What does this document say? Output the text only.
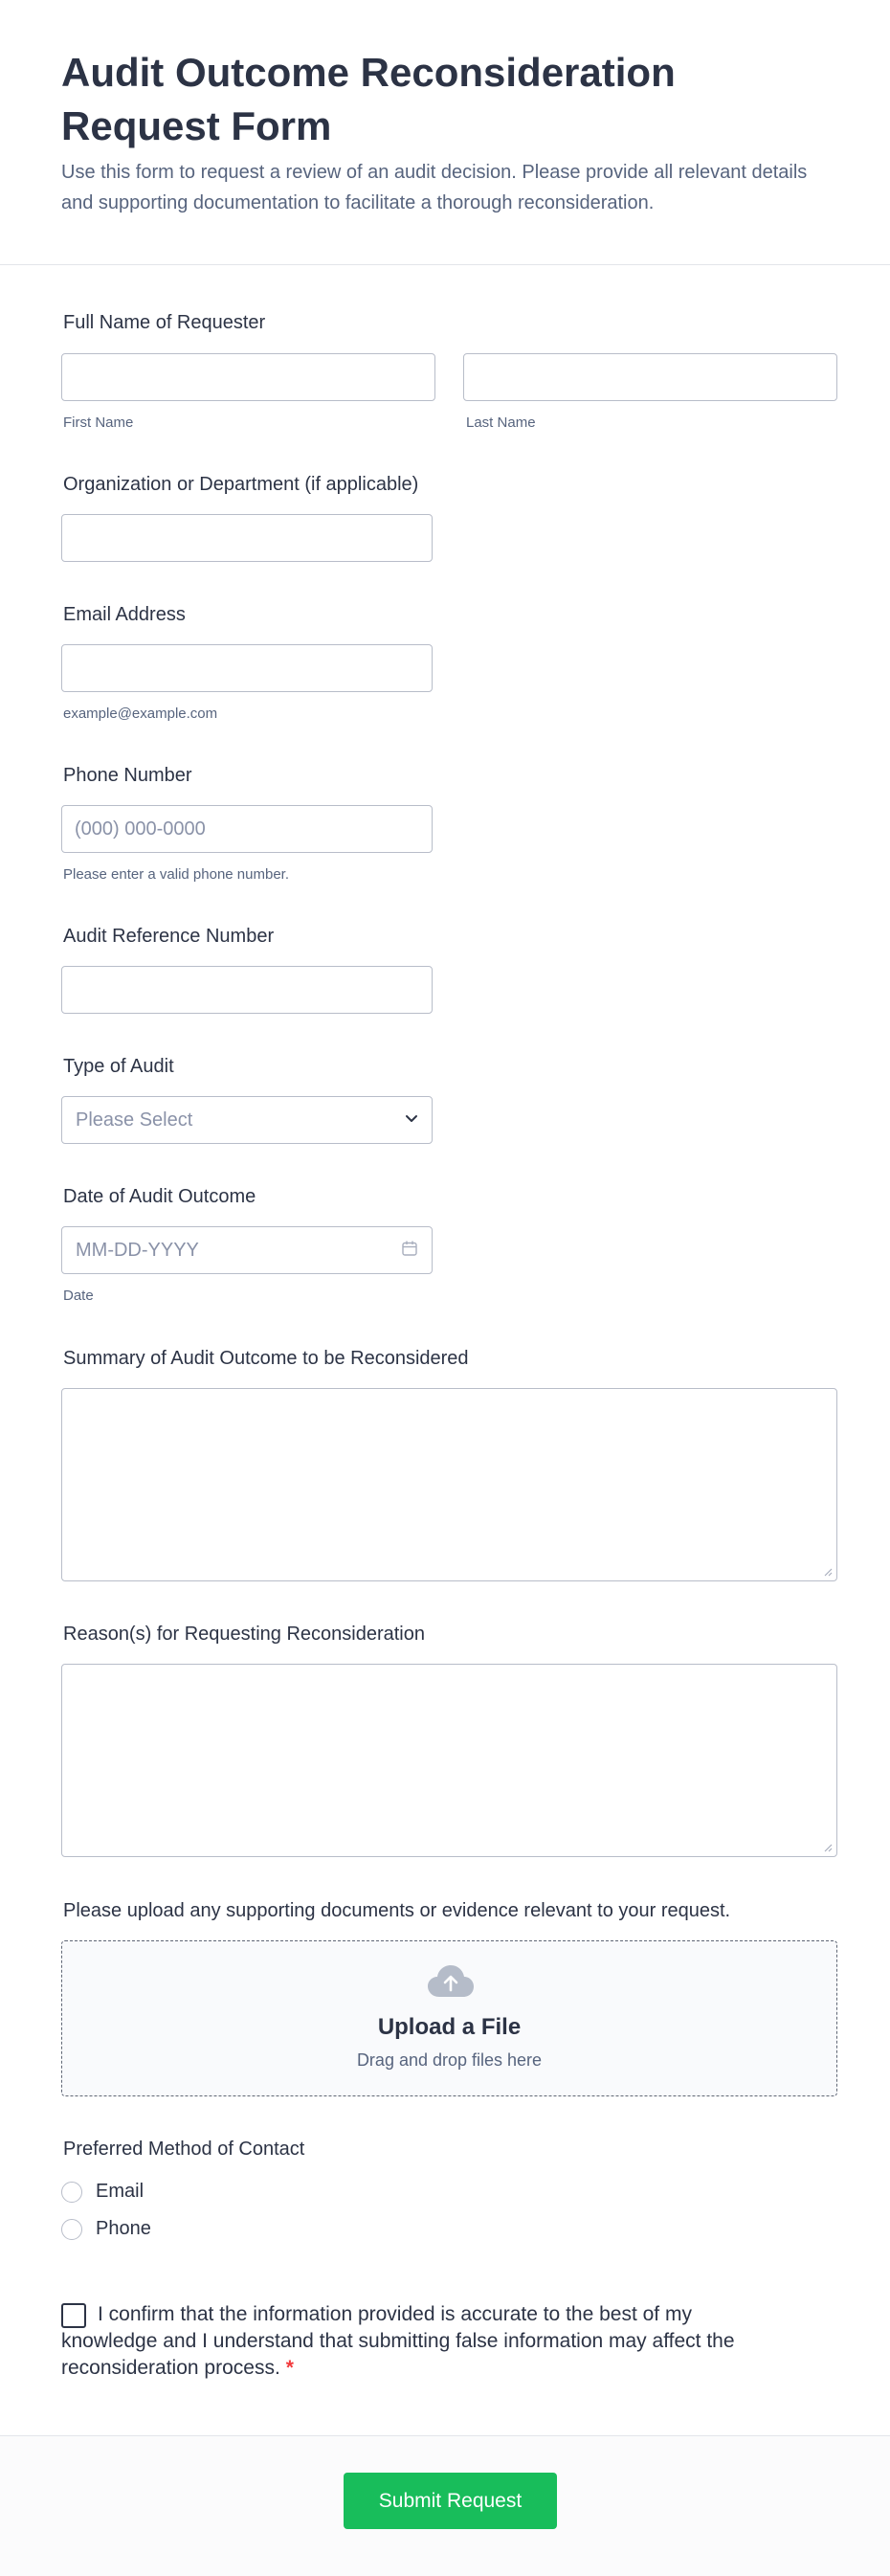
Audit Outcome Reconsideration Request Form
Use this form to request a review of an audit decision. Please provide all relevant details and supporting documentation to facilitate a thorough reconsideration.
Full Name of Requester
First Name	Last Name
Organization or Department (if applicable)
Email Address
example@example.com
Phone Number
(000) 000-0000
Please enter a valid phone number.
Audit Reference Number
Type of Audit
Please Select
Date of Audit Outcome
MM-DD-YYYY
Date
Summary of Audit Outcome to be Reconsidered
Reason(s) for Requesting Reconsideration
Please upload any supporting documents or evidence relevant to your request.
Upload a File
Drag and drop files here
Preferred Method of Contact
Email
Phone
I confirm that the information provided is accurate to the best of my knowledge and I understand that submitting false information may affect the reconsideration process. *
Submit Request
